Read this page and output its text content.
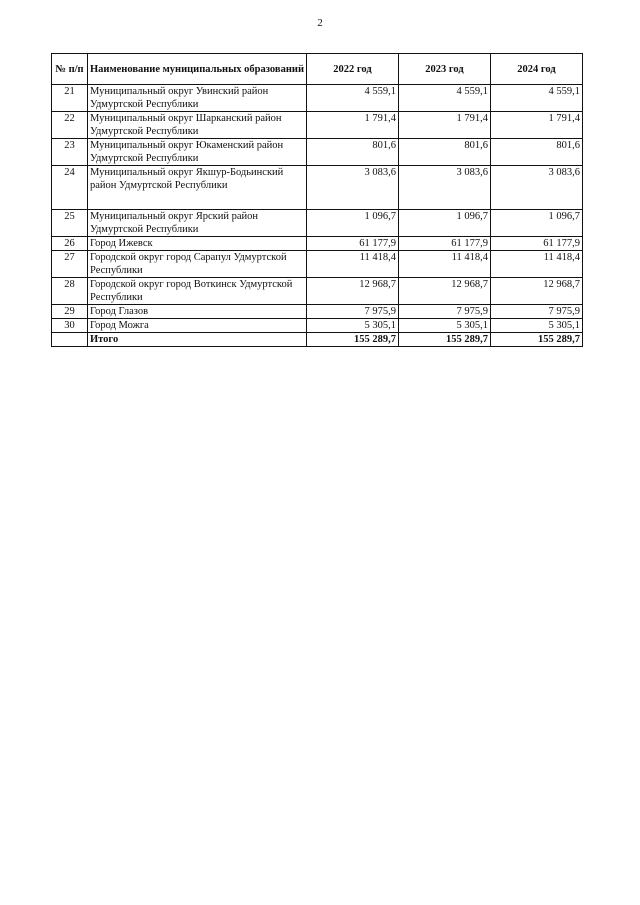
2
№ п/п	Наименование муниципальных образований	2022 год	2023 год	2024 год
21	Муниципальный округ Увинский район Удмуртской Республики	4 559,1	4 559,1	4 559,1
22	Муниципальный округ Шарканский район Удмуртской Республики	1 791,4	1 791,4	1 791,4
23	Муниципальный округ Юкаменский район Удмуртской Республики	801,6	801,6	801,6
24	Муниципальный округ Якшур-Бодьинский район Удмуртской Республики	3 083,6	3 083,6	3 083,6
25	Муниципальный округ Ярский район Удмуртской Республики	1 096,7	1 096,7	1 096,7
26	Город Ижевск	61 177,9	61 177,9	61 177,9
27	Городской округ город Сарапул Удмуртской Республики	11 418,4	11 418,4	11 418,4
28	Городской округ город Воткинск Удмуртской Республики	12 968,7	12 968,7	12 968,7
29	Город Глазов	7 975,9	7 975,9	7 975,9
30	Город Можга	5 305,1	5 305,1	5 305,1
	Итого	155 289,7	155 289,7	155 289,7
